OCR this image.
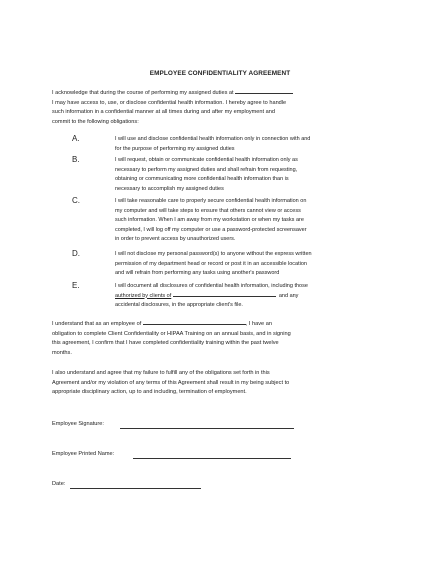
EMPLOYEE CONFIDENTIALITY AGREEMENT

I acknowledge that during the course of performing my assigned duties at

I may have access to, use, or disclose confidential health information. I hereby agree to handle

such information in a confidential manner at all times during and after my employment and

commit to the following obligations:

A.	I will use and disclose confidential health information only in connection with and

for the purpose of performing my assigned duties

B.	I will request, obtain or communicate confidential health information only as

necessary to perform my assigned duties and shall refrain from requesting,

obtaining or communicating more confidential health information than is

necessary to accomplish my assigned duties

C.	I will take reasonable care to properly secure confidential health information on

my computer and will take steps to ensure that others cannot view or access

such information. When I am away from my workstation or when my tasks are

completed, I will log off my computer or use a password-protected screensaver

in order to prevent access by unauthorized users.

D.	I will not disclose my personal password(s) to anyone without the express written

permission of my department head or record or post it in an accessible location

and will refrain from performing any tasks using another's password

E.	I will document all disclosures of confidential health information, including those

authorized by clients of	and any

accidental disclosures, in the appropriate client's file.

I understand that as an employee of	, I have an

obligation to complete Client Confidentiality or HIPAA Training on an annual basis, and in signing

this agreement, I confirm that I have completed confidentiality training within the past twelve

months.

I also understand and agree that my failure to fulfill any of the obligations set forth in this

Agreement and/or my violation of any terms of this Agreement shall result in my being subject to

appropriate disciplinary action, up to and including, termination of employment.

Employee Signature:
Employee Printed Name:
Date:
